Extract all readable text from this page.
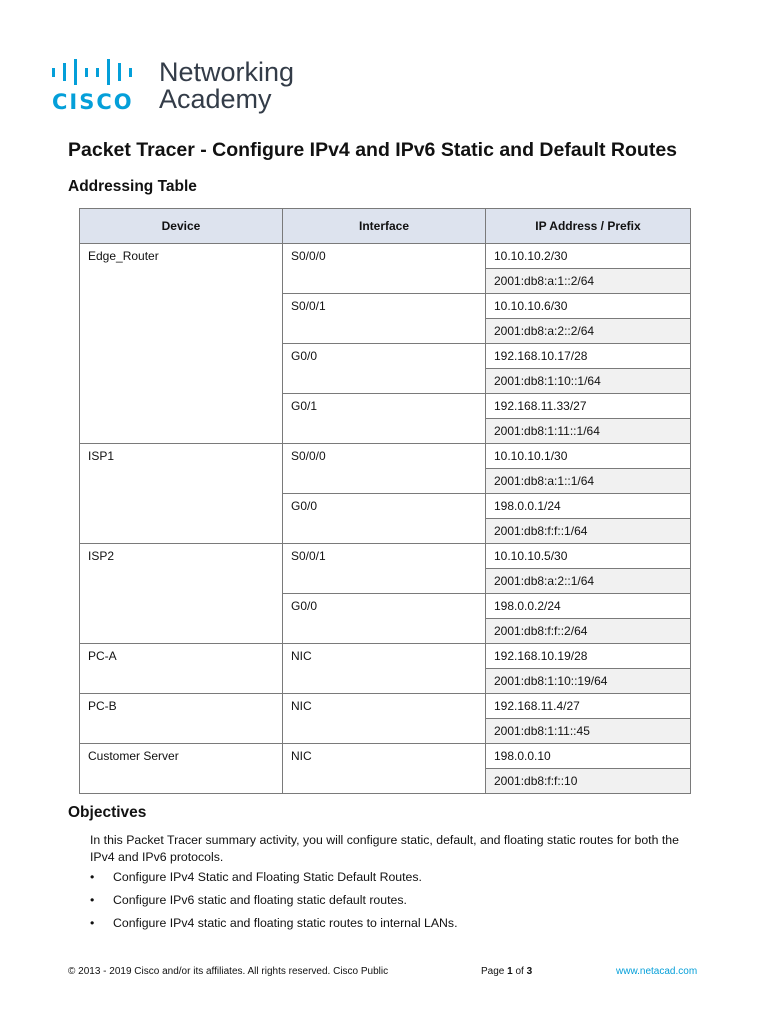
CISCO
Networking
Academy
Packet Tracer - Configure IPv4 and IPv6 Static and Default Routes
Addressing Table
Device	Interface	IP Address / Prefix
Edge_Router	S0/0/0	10.10.10.2/30
		2001:db8:a:1::2/64
	S0/0/1	10.10.10.6/30
		2001:db8:a:2::2/64
	G0/0	192.168.10.17/28
		2001:db8:1:10::1/64
	G0/1	192.168.11.33/27
		2001:db8:1:11::1/64
ISP1	S0/0/0	10.10.10.1/30
		2001:db8:a:1::1/64
	G0/0	198.0.0.1/24
		2001:db8:f:f::1/64
ISP2	S0/0/1	10.10.10.5/30
		2001:db8:a:2::1/64
	G0/0	198.0.0.2/24
		2001:db8:f:f::2/64
PC-A	NIC	192.168.10.19/28
		2001:db8:1:10::19/64
PC-B	NIC	192.168.11.4/27
		2001:db8:1:11::45
Customer Server	NIC	198.0.0.10
		2001:db8:f:f::10
Objectives

In this Packet Tracer summary activity, you will configure static, default, and floating static routes for both the IPv4 and IPv6 protocols.

• Configure IPv4 Static and Floating Static Default Routes.
• Configure IPv6 static and floating static default routes.
• Configure IPv4 static and floating static routes to internal LANs.
© 2013 - 2019 Cisco and/or its affiliates. All rights reserved. Cisco Public	Page 1 of 3	www.netacad.com
